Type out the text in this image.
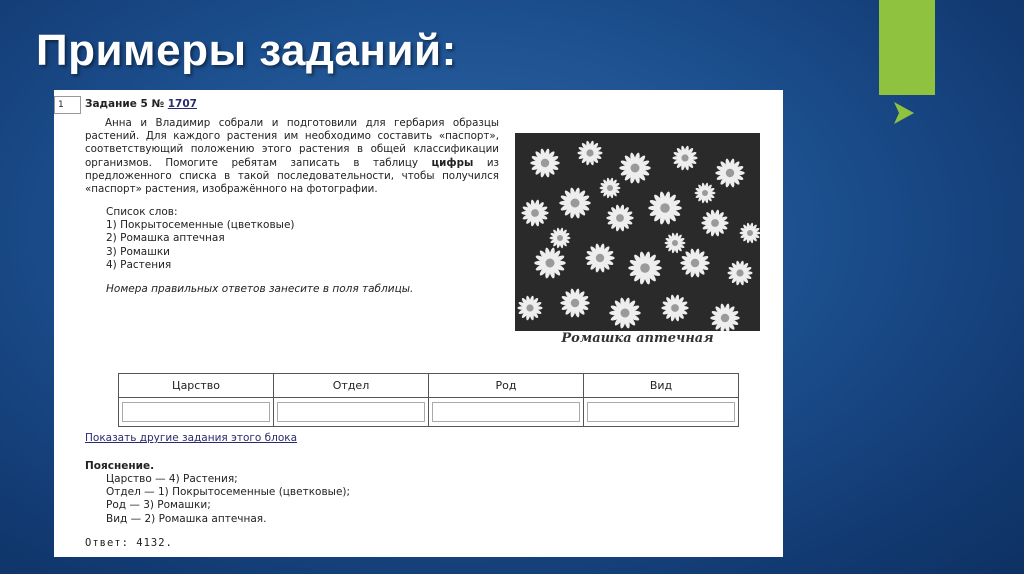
Примеры заданий:
1	Задание 5 № 1707
Анна и Владимир собрали и подготовили для гербария образцы растений. Для каждого растения им необходимо составить «паспорт», соответствующий положению этого растения в общей классификации организмов. Помогите ребятам записать в таблицу цифры из предложенного списка в такой последовательности, чтобы получился «паспорт» растения, изображённого на фотографии.
Список слов:
1) Покрытосеменные (цветковые)
2) Ромашка аптечная
3) Ромашки
4) Растения
Номера правильных ответов занесите в поля таблицы.
Ромашка аптечная
Царство	Отдел	Род	Вид

Показать другие задания этого блока
Пояснение.
Царство — 4) Растения;
Отдел — 1) Покрытосеменные (цветковые);
Род — 3) Ромашки;
Вид — 2) Ромашка аптечная.
Ответ: 4132.
